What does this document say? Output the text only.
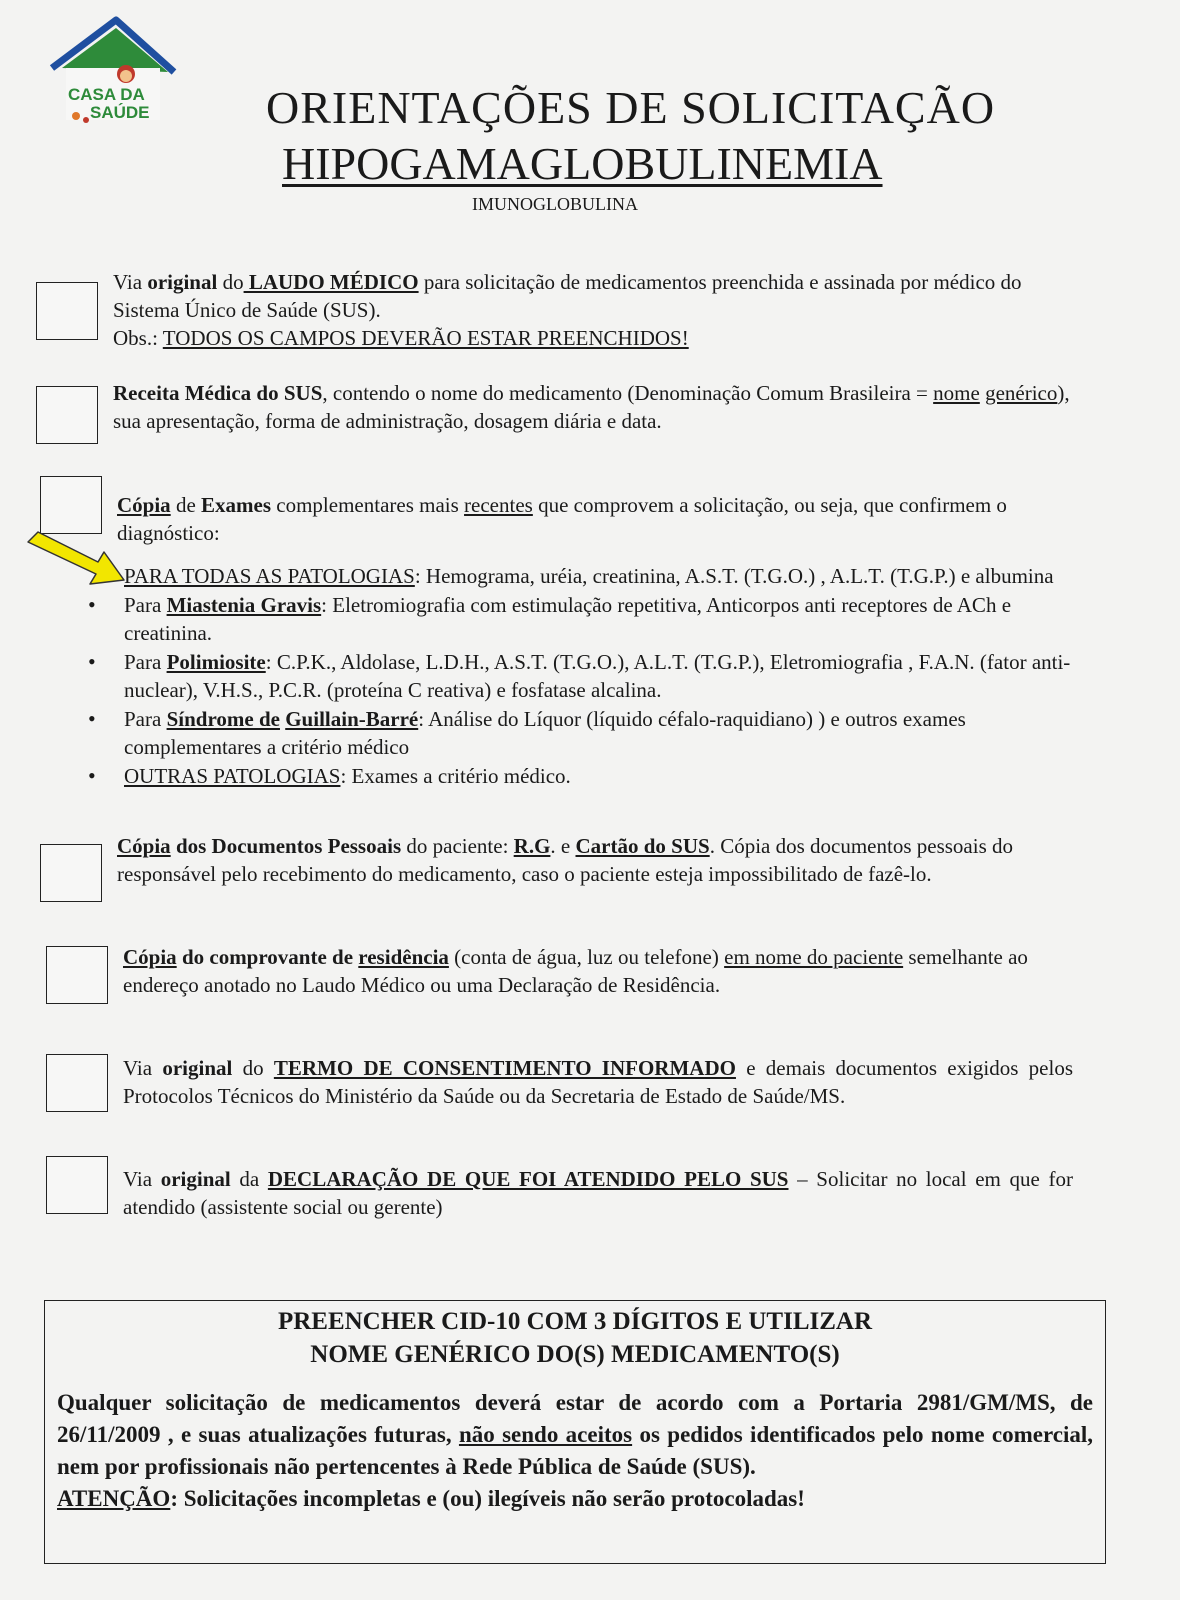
CASA DA
SAÚDE	ORIENTAÇÕES DE SOLICITAÇÃO
HIPOGAMAGLOBULINEMIA
IMUNOGLOBULINA
Via original do LAUDO MÉDICO para solicitação de medicamentos preenchida e assinada por médico do Sistema Único de Saúde (SUS).
Obs.: TODOS OS CAMPOS DEVERÃO ESTAR PREENCHIDOS!
Receita Médica do SUS, contendo o nome do medicamento (Denominação Comum Brasileira = nome genérico), sua apresentação, forma de administração, dosagem diária e data.
Cópia de Exames complementares mais recentes que comprovem a solicitação, ou seja, que confirmem o diagnóstico:
PARA TODAS AS PATOLOGIAS: Hemograma, uréia, creatinina, A.S.T. (T.G.O.) , A.L.T. (T.G.P.) e albumina
• Para Miastenia Gravis: Eletromiografia com estimulação repetitiva, Anticorpos anti receptores de ACh e creatinina.
• Para Polimiosite: C.P.K., Aldolase, L.D.H., A.S.T. (T.G.O.), A.L.T. (T.G.P.), Eletromiografia , F.A.N. (fator anti-nuclear), V.H.S., P.C.R. (proteína C reativa) e fosfatase alcalina.
• Para Síndrome de Guillain-Barré: Análise do Líquor (líquido céfalo-raquidiano) ) e outros exames complementares a critério médico
• OUTRAS PATOLOGIAS: Exames a critério médico.
Cópia dos Documentos Pessoais do paciente: R.G. e Cartão do SUS. Cópia dos documentos pessoais do responsável pelo recebimento do medicamento, caso o paciente esteja impossibilitado de fazê-lo.
Cópia do comprovante de residência (conta de água, luz ou telefone) em nome do paciente semelhante ao endereço anotado no Laudo Médico ou uma Declaração de Residência.
Via original do TERMO DE CONSENTIMENTO INFORMADO e demais documentos exigidos pelos Protocolos Técnicos do Ministério da Saúde ou da Secretaria de Estado de Saúde/MS.
Via original da DECLARAÇÃO DE QUE FOI ATENDIDO PELO SUS – Solicitar no local em que for atendido (assistente social ou gerente)
PREENCHER CID-10 COM 3 DÍGITOS E UTILIZAR
NOME GENÉRICO DO(S) MEDICAMENTO(S)
Qualquer solicitação de medicamentos deverá estar de acordo com a Portaria 2981/GM/MS, de 26/11/2009 , e suas atualizações futuras, não sendo aceitos os pedidos identificados pelo nome comercial, nem por profissionais não pertencentes à Rede Pública de Saúde (SUS).
ATENÇÃO: Solicitações incompletas e (ou) ilegíveis não serão protocoladas!
